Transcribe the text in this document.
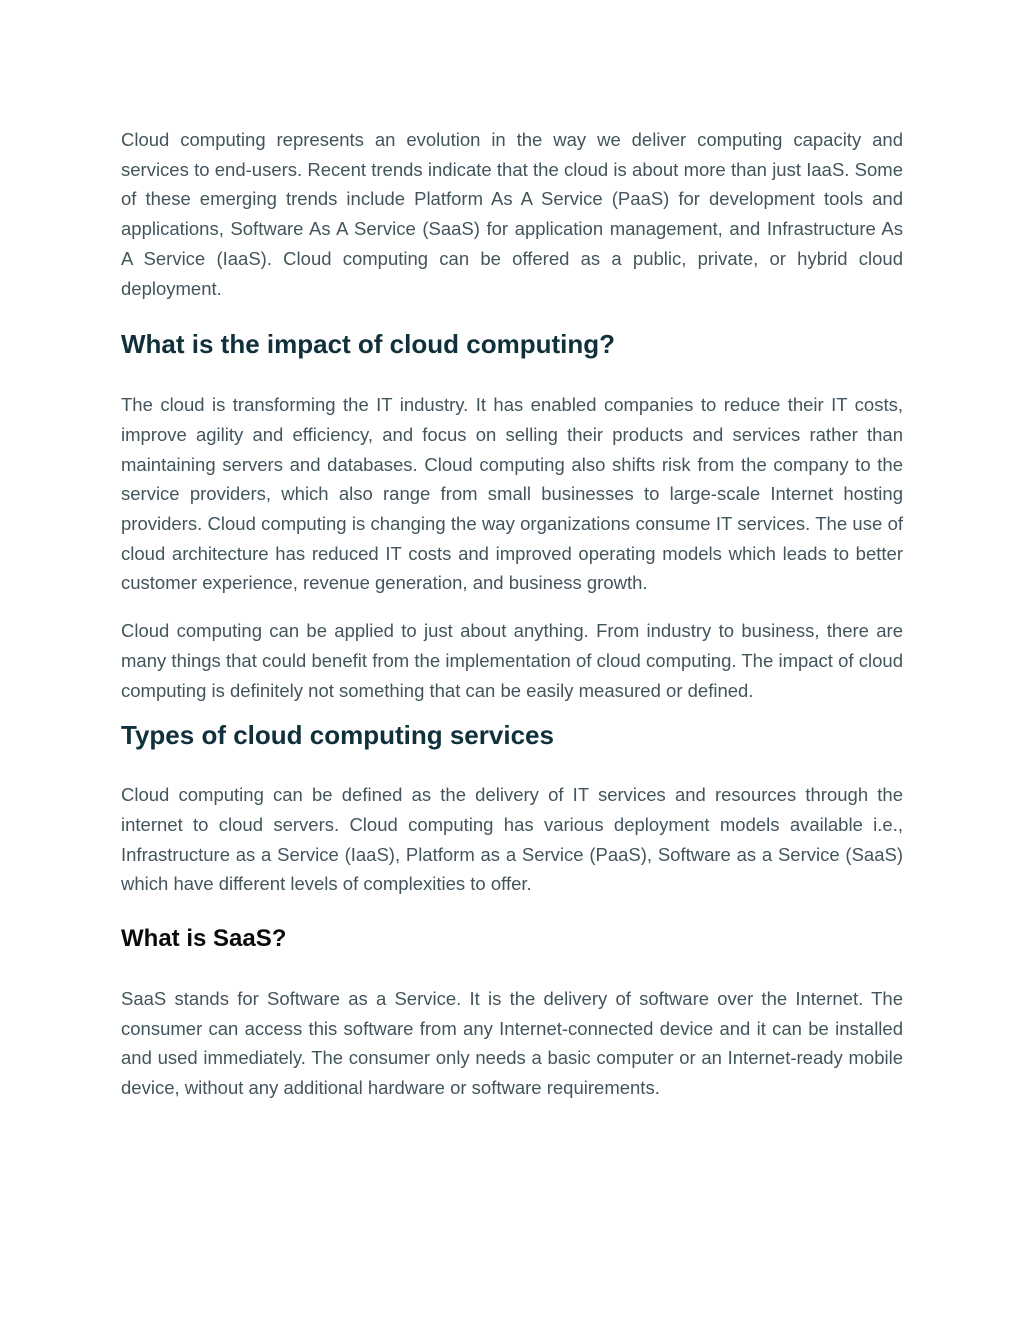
Cloud computing represents an evolution in the way we deliver computing capacity and services to end-users. Recent trends indicate that the cloud is about more than just IaaS. Some of these emerging trends include Platform As A Service (PaaS) for development tools and applications, Software As A Service (SaaS) for application management, and Infrastructure As A Service (IaaS). Cloud computing can be offered as a public, private, or hybrid cloud deployment.

What is the impact of cloud computing?

The cloud is transforming the IT industry. It has enabled companies to reduce their IT costs, improve agility and efficiency, and focus on selling their products and services rather than maintaining servers and databases. Cloud computing also shifts risk from the company to the service providers, which also range from small businesses to large-scale Internet hosting providers. Cloud computing is changing the way organizations consume IT services. The use of cloud architecture has reduced IT costs and improved operating models which leads to better customer experience, revenue generation, and business growth.

Cloud computing can be applied to just about anything. From industry to business, there are many things that could benefit from the implementation of cloud computing. The impact of cloud computing is definitely not something that can be easily measured or defined.

Types of cloud computing services

Cloud computing can be defined as the delivery of IT services and resources through the internet to cloud servers. Cloud computing has various deployment models available i.e., Infrastructure as a Service (IaaS), Platform as a Service (PaaS), Software as a Service (SaaS) which have different levels of complexities to offer.

What is SaaS?

SaaS stands for Software as a Service. It is the delivery of software over the Internet. The consumer can access this software from any Internet-connected device and it can be installed and used immediately. The consumer only needs a basic computer or an Internet-ready mobile device, without any additional hardware or software requirements.
